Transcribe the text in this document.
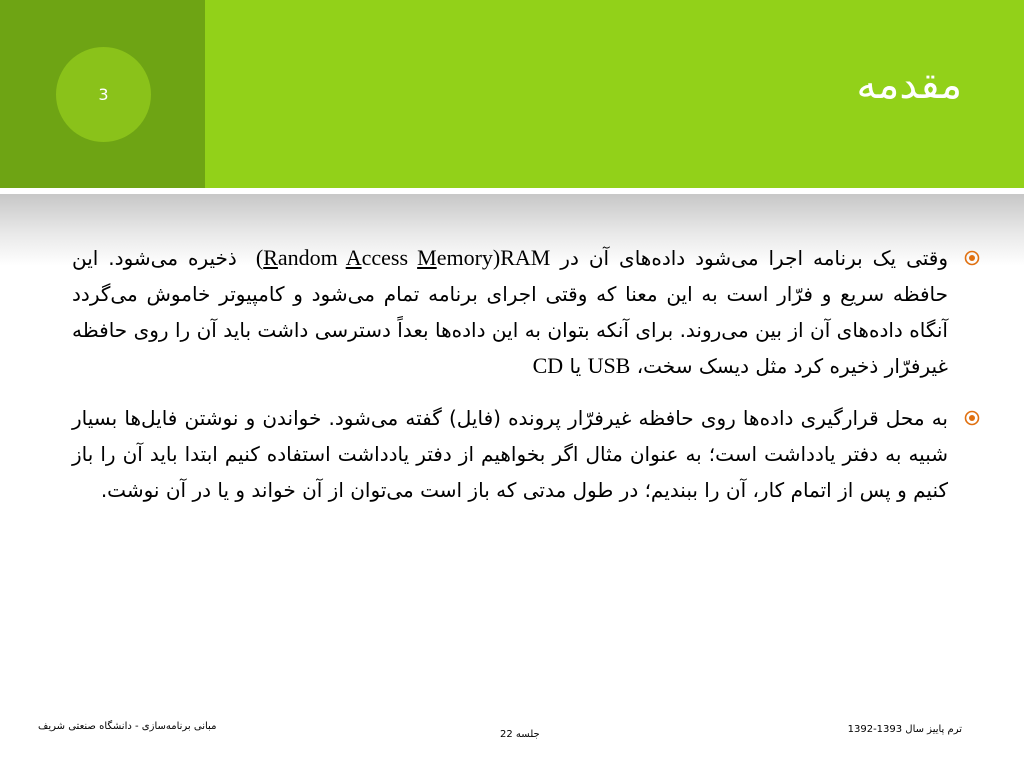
3	مقدمه
وقتی یک برنامه اجرا می‌شود داده‌های آن در RAM (Random Access Memory) ذخیره می‌شود. این حافظه سریع و فرّار است به این معنا که وقتی اجرای برنامه تمام می‌شود و کامپیوتر خاموش می‌گردد آنگاه داده‌های آن از بین می‌روند. برای آنکه بتوان به این داده‌ها بعداً دسترسی داشت باید آن را روی حافظه غیرفرّار ذخیره کرد مثل دیسک سخت، USB یا CD
به محل قرارگیری داده‌ها روی حافظه غیرفرّار پرونده (فایل) گفته می‌شود. خواندن و نوشتن فایل‌ها بسیار شبیه به دفتر یادداشت است؛ به عنوان مثال اگر بخواهیم از دفتر یادداشت استفاده کنیم ابتدا باید آن را باز کنیم و پس از اتمام کار، آن را ببندیم؛ در طول مدتی که باز است می‌توان از آن خواند و یا در آن نوشت.
مبانی برنامه‌سازی - دانشگاه صنعتی شریف
جلسه 22	ترم پاییز سال 1393-1392
